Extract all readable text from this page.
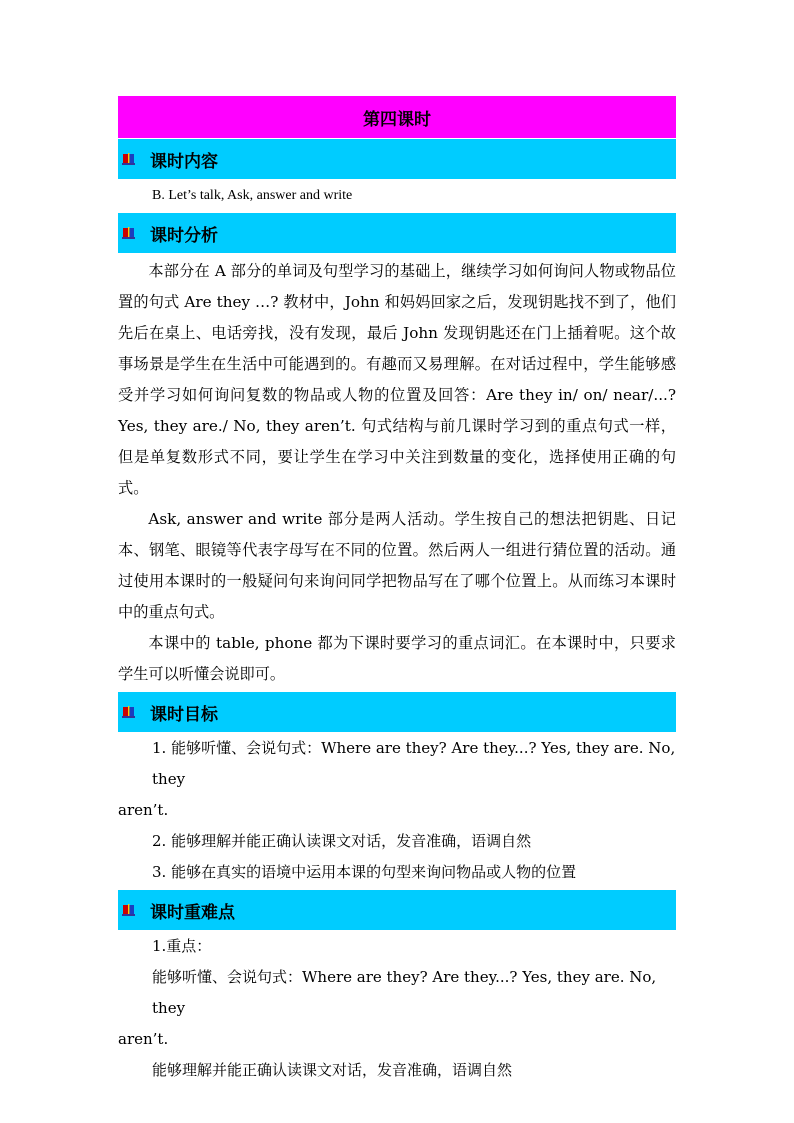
第四课时
课时内容

B. Let’s talk, Ask, answer and write

课时分析

本部分在 A 部分的单词及句型学习的基础上，继续学习如何询问人物或物品位置的句式 Are they …? 教材中，John 和妈妈回家之后，发现钥匙找不到了，他们先后在桌上、电话旁找，没有发现，最后 John 发现钥匙还在门上插着呢。这个故事场景是学生在生活中可能遇到的。有趣而又易理解。在对话过程中，学生能够感受并学习如何询问复数的物品或人物的位置及回答：Are they in/ on/ near/...? Yes, they are./ No, they aren’t. 句式结构与前几课时学习到的重点句式一样，但是单复数形式不同，要让学生在学习中关注到数量的变化，选择使用正确的句式。

Ask, answer and write 部分是两人活动。学生按自己的想法把钥匙、日记本、钢笔、眼镜等代表字母写在不同的位置。然后两人一组进行猜位置的活动。通过使用本课时的一般疑问句来询问同学把物品写在了哪个位置上。从而练习本课时中的重点句式。

本课中的 table, phone 都为下课时要学习的重点词汇。在本课时中，只要求学生可以听懂会说即可。

课时目标

1. 能够听懂、会说句式：Where are they? Are they...? Yes, they are. No, they

aren’t.

2. 能够理解并能正确认读课文对话，发音准确，语调自然

3. 能够在真实的语境中运用本课的句型来询问物品或人物的位置

课时重难点

1.重点：

能够听懂、会说句式：Where are they? Are they...? Yes, they are. No, they

aren’t.

能够理解并能正确认读课文对话，发音准确，语调自然
